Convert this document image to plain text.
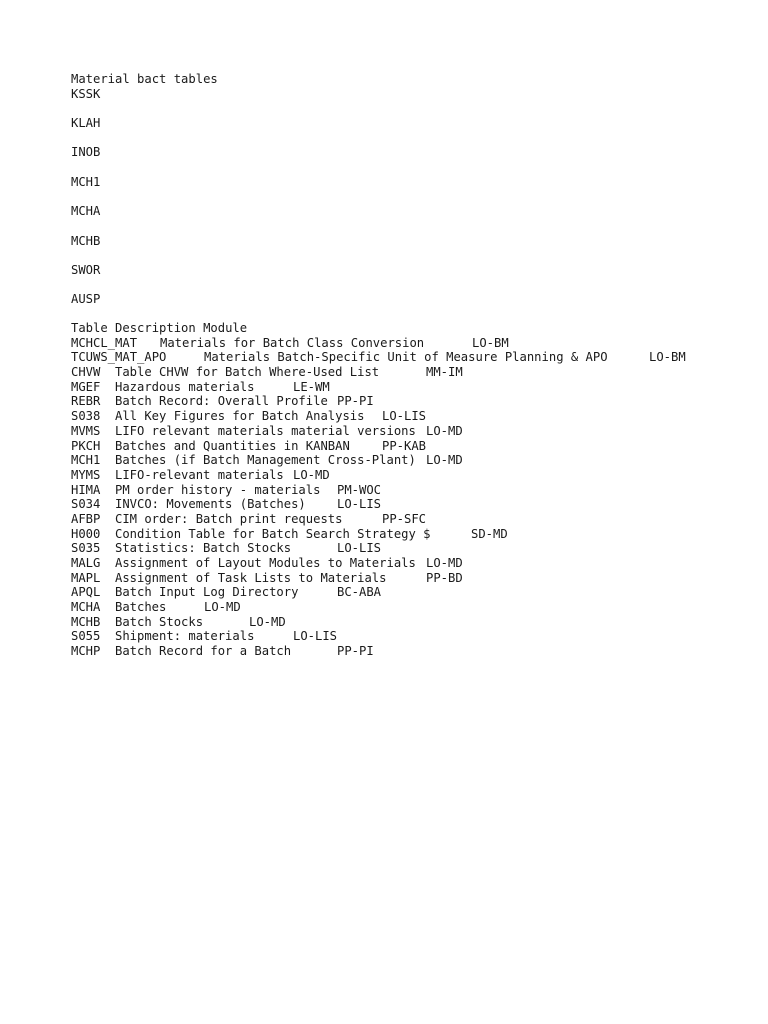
Material bact tables
KSSK
KLAH
INOB
MCH1
MCHA
MCHB
SWOR
AUSP
Table Description Module
MCHCL_MAT Materials for Batch Class Conversion	LO-BM
TCUWS_MAT_APO	Materials Batch-Specific Unit of Measure Planning & APO	LO-BM
CHVW Table CHVW for Batch Where-Used List	MM-IM
MGEF Hazardous materials	LE-WM
REBR Batch Record: Overall Profile PP-PI
S038 All Key Figures for Batch Analysis LO-LIS
MVMS LIFO relevant materials material versions LO-MD
PKCH Batches and Quantities in KANBAN	PP-KAB
MCH1 Batches (if Batch Management Cross-Plant) LO-MD
MYMS LIFO-relevant materials LO-MD
HIMA PM order history - materials PM-WOC
S034 INVCO: Movements (Batches)	LO-LIS
AFBP CIM order: Batch print requests	PP-SFC
H000 Condition Table for Batch Search Strategy $	SD-MD
S035 Statistics: Batch Stocks	LO-LIS
MALG Assignment of Layout Modules to Materials LO-MD
MAPL Assignment of Task Lists to Materials	PP-BD
APQL Batch Input Log Directory	BC-ABA
MCHA Batches	LO-MD
MCHB Batch Stocks	LO-MD
S055 Shipment: materials	LO-LIS
MCHP Batch Record for a Batch	PP-PI
